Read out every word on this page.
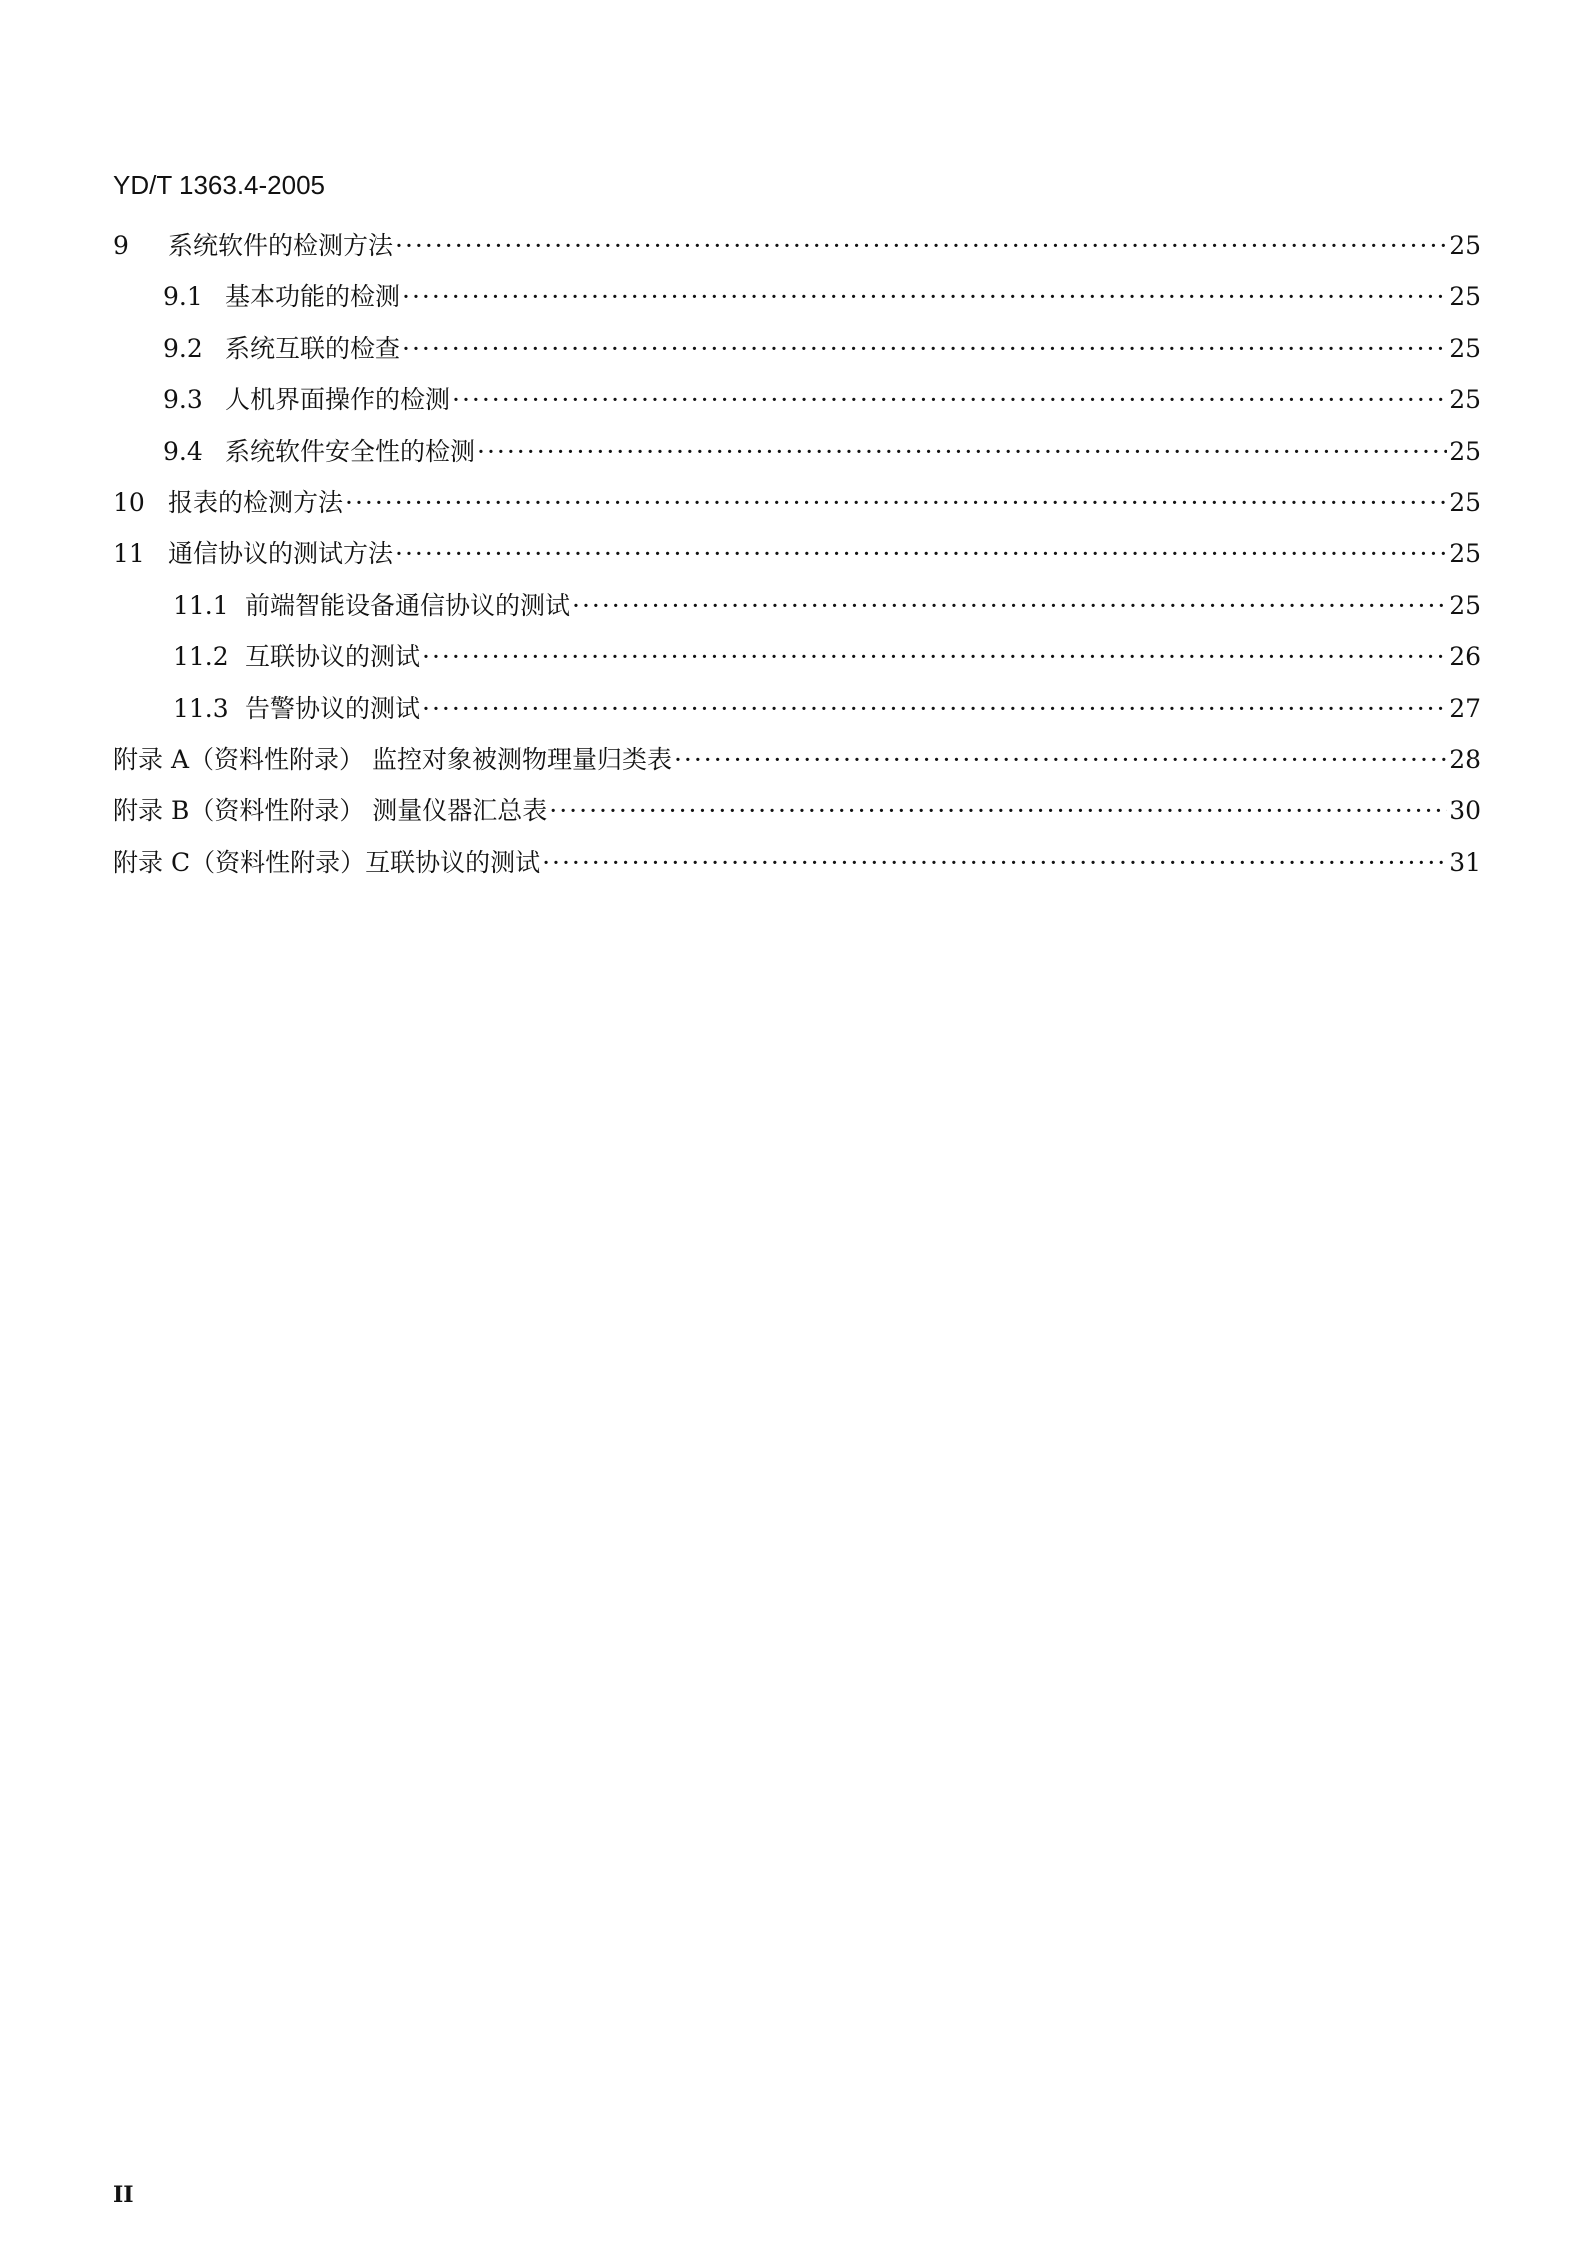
YD/T 1363.4-2005
9	系统软件的检测方法 ·····	25
9.1 基本功能的检测 ·····	25
9.2 系统互联的检查 ·····	25
9.3 人机界面操作的检测 ·····	25
9.4 系统软件安全性的检测 ·····	25
10 报表的检测方法 ·····	25
11 通信协议的测试方法 ·····	25
11.1 前端智能设备通信协议的测试 ·····	25
11.2 互联协议的测试 ·····	26
11.3 告警协议的测试 ·····	27
附录 A（资料性附录） 监控对象被测物理量归类表 ·····	28
附录 B（资料性附录） 测量仪器汇总表 ·····	30
附录 C（资料性附录）互联协议的测试 ·····	31
II
